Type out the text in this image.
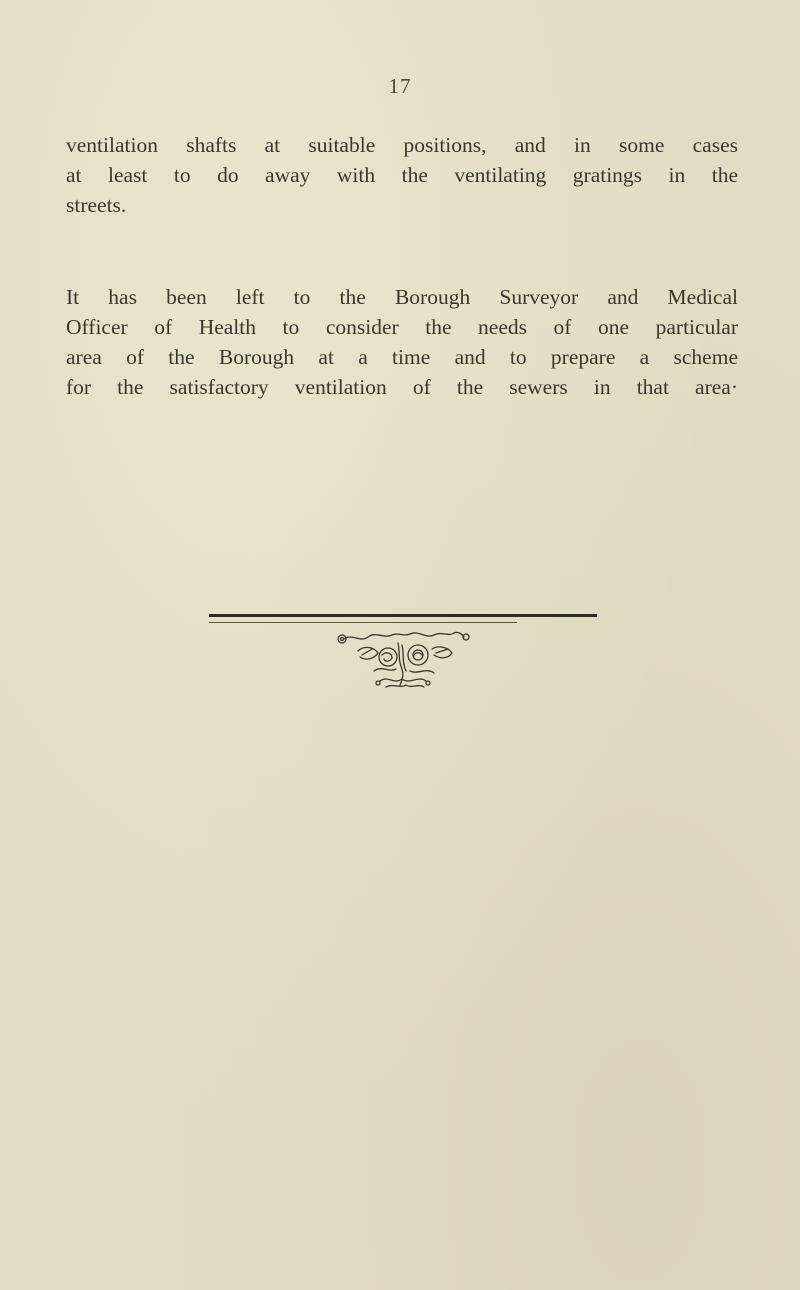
17
ventilation shafts at suitable positions, and in some cases
at least to do away with the ventilating gratings in the
streets.
It has been left to the Borough Surveyor and Medical
Officer of Health to consider the needs of one particular
area of the Borough at a time and to prepare a scheme
for the satisfactory ventilation of the sewers in that area·
